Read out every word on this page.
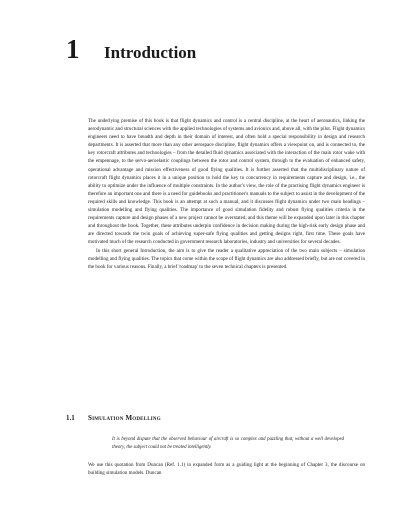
1	Introduction

The underlying premise of this book is that flight dynamics and control is a central discipline, at the heart of aeronautics, linking the aerodynamic and structural sciences with the applied technologies of systems and avionics and, above all, with the pilot. Flight dynamics engineers need to have breadth and depth in their domain of interest, and often hold a special responsibility in design and research departments. It is asserted that more than any other aerospace discipline, flight dynamics offers a viewpoint on, and is connected to, the key rotorcraft attributes and technologies – from the detailed fluid dynamics associated with the interaction of the main rotor wake with the empennage, to the servo-aeroelastic couplings between the rotor and control system, through to the evaluation of enhanced safety, operational advantage and mission effectiveness of good flying qualities. It is further asserted that the multidisciplinary nature of rotorcraft flight dynamics places it in a unique position to hold the key to concurrency in requirements capture and design, i.e., the ability to optimize under the influence of multiple constraints. In the author's view, the role of the practising flight dynamics engineer is therefore an important one and there is a need for guidebooks and practitioner's manuals to the subject to assist in the development of the required skills and knowledge. This book is an attempt at such a manual, and it discusses flight dynamics under two main headings – simulation modelling and flying qualities. The importance of good simulation fidelity and robust flying qualities criteria in the requirements capture and design phases of a new project cannot be overstated, and this theme will be expanded upon later in this chapter and throughout the book. Together, these attributes underpin confidence in decision making during the high-risk early design phase and are directed towards the twin goals of achieving super-safe flying qualities and getting designs right, first time. These goals have motivated much of the research conducted in government research laboratories, industry and universities for several decades.

In this short general Introduction, the aim is to give the reader a qualitative appreciation of the two main subjects – simulation modelling and flying qualities. The topics that come within the scope of flight dynamics are also addressed briefly, but are not covered in the book for various reasons. Finally, a brief 'roadmap' to the seven technical chapters is presented.

1.1	Simulation Modelling
It is beyond dispute that the observed behaviour of aircraft is so complex and puzzling that, without a well developed theory, the subject could not be treated intelligently.
We use this quotation from Duncan (Ref. 1.1) in expanded form as a guiding light at the beginning of Chapter 3, the discourse on building simulation models. Duncan
